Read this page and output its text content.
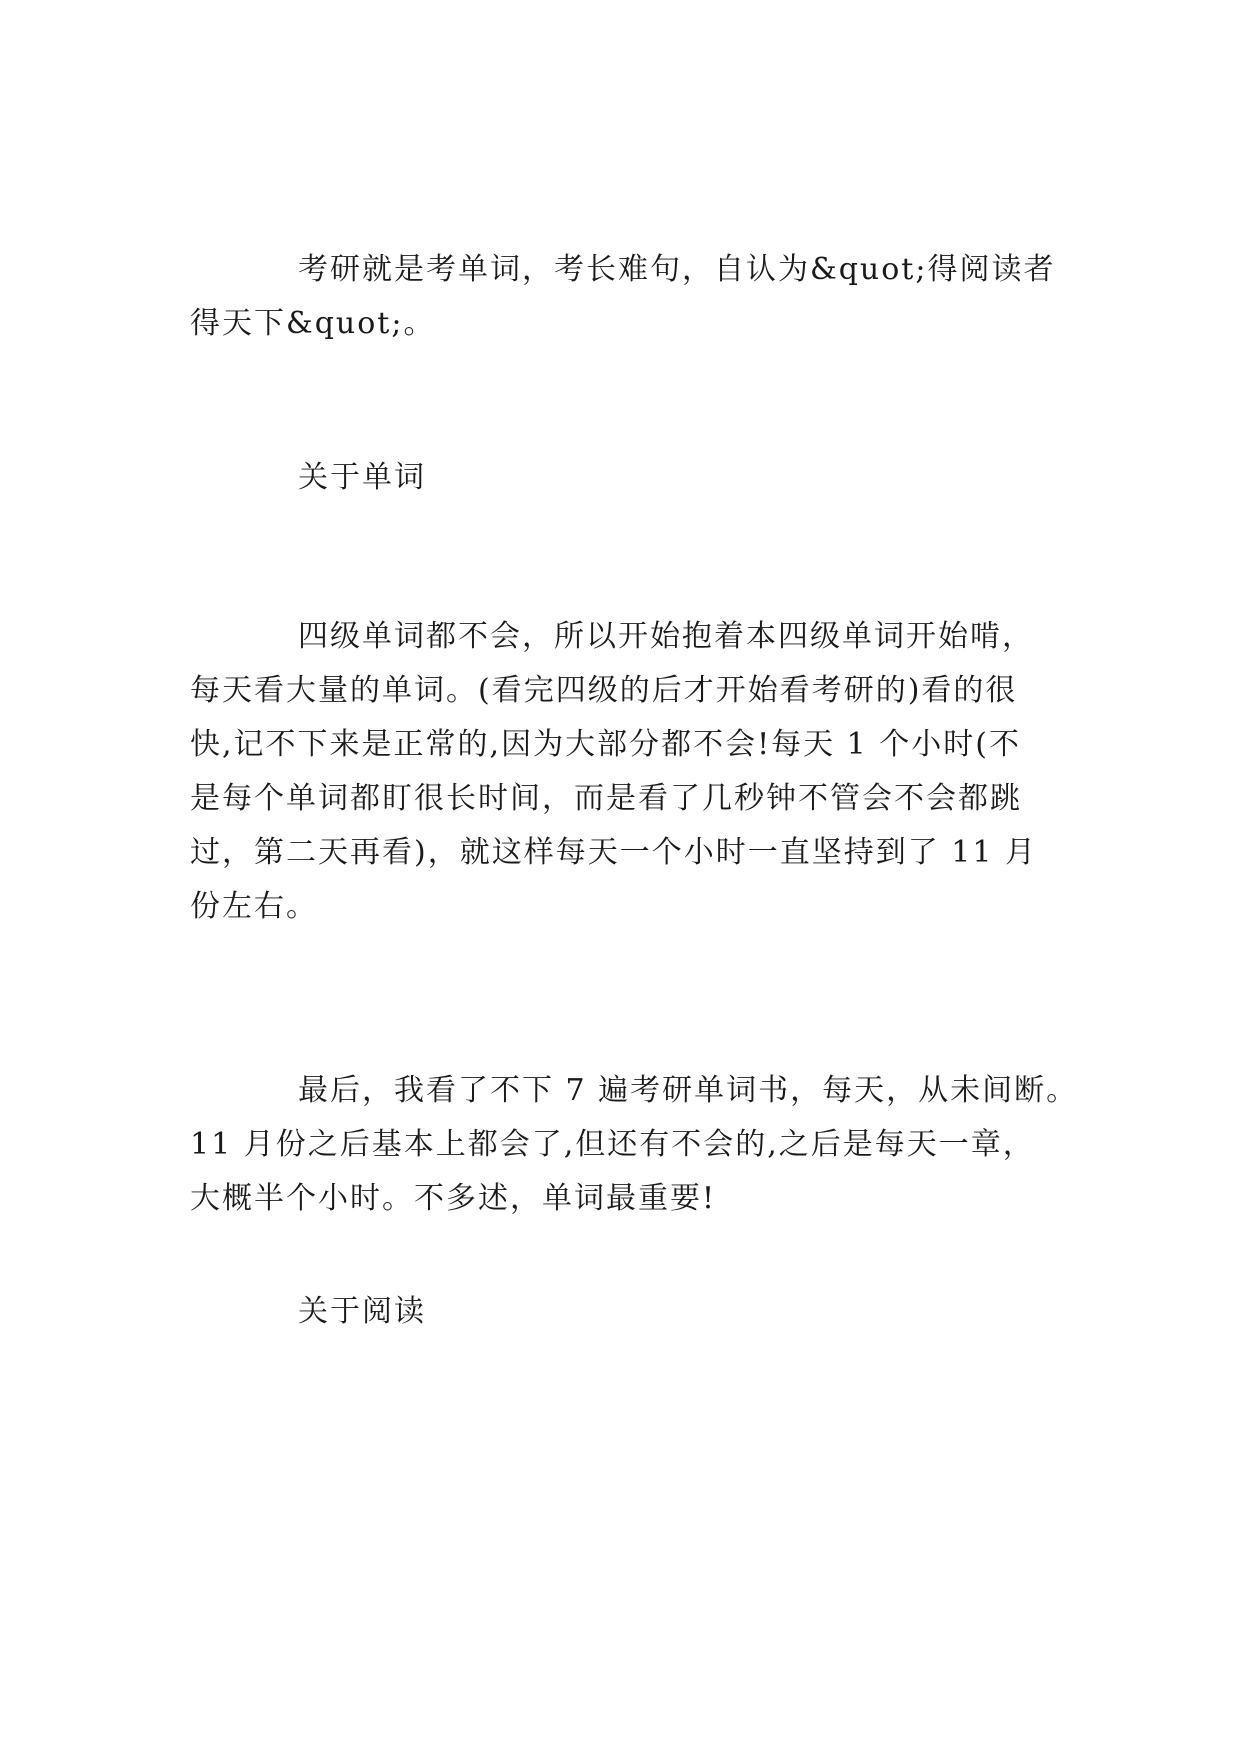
考研就是考单词，考长难句，自认为&quot;得阅读者
得天下&quot;。

关于单词

四级单词都不会，所以开始抱着本四级单词开始啃，
每天看大量的单词。(看完四级的后才开始看考研的)看的很
快,记不下来是正常的,因为大部分都不会!每天 1 个小时(不
是每个单词都盯很长时间，而是看了几秒钟不管会不会都跳
过，第二天再看)，就这样每天一个小时一直坚持到了 11 月
份左右。

最后，我看了不下 7 遍考研单词书，每天，从未间断。
11 月份之后基本上都会了,但还有不会的,之后是每天一章，
大概半个小时。不多述，单词最重要!

关于阅读
